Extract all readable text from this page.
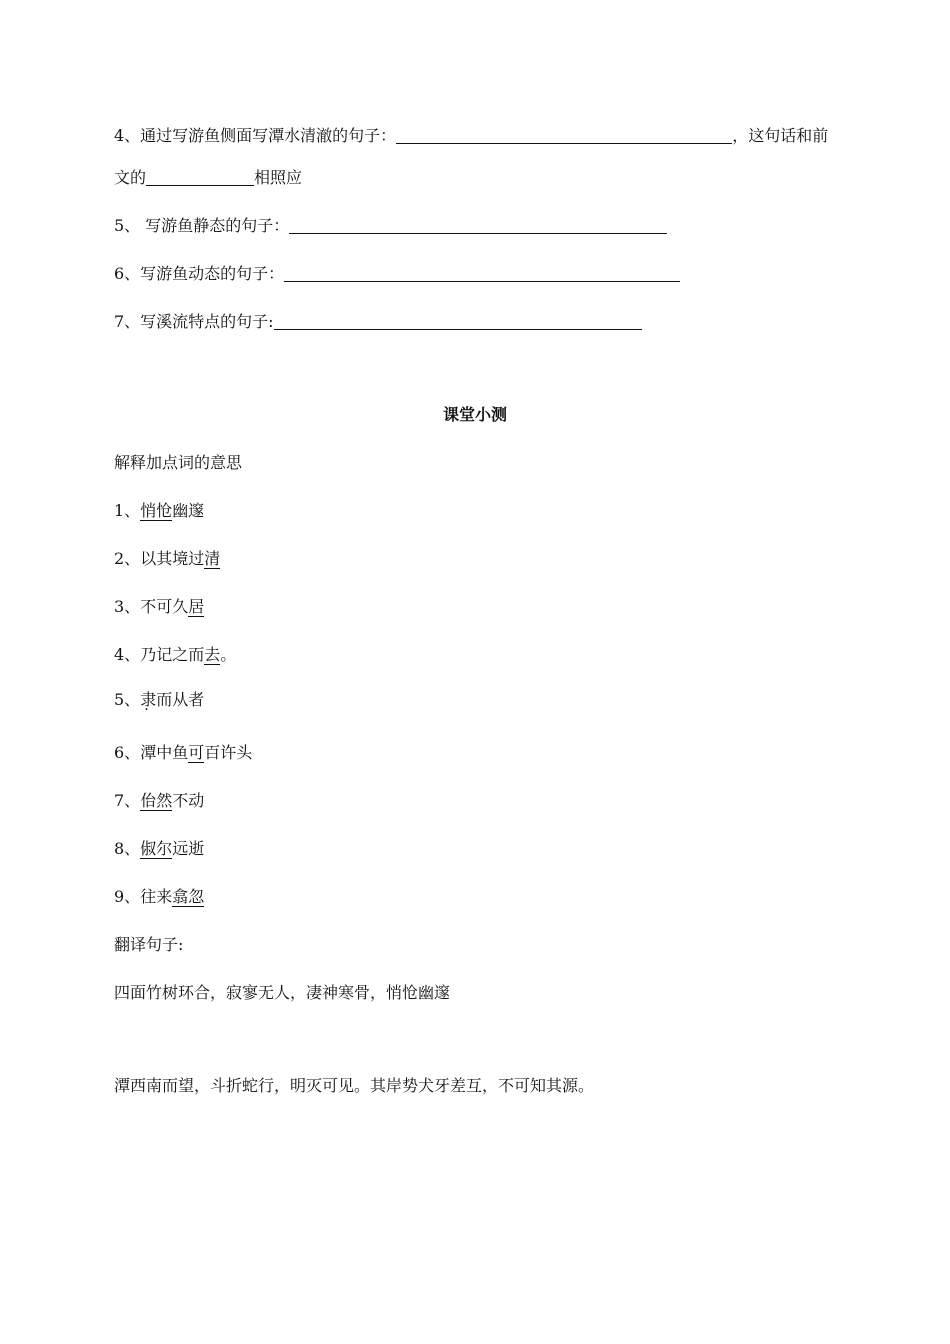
4、通过写游鱼侧面写潭水清澈的句子：	，这句话和前
文的	相照应
5、 写游鱼静态的句子：
6、写游鱼动态的句子：
7、写溪流特点的句子:
课堂小测
解释加点词的意思
1、悄怆幽邃
2、以其境过清
3、不可久居
4、乃记之而去。
5、隶而从者
6、潭中鱼可百许头
7、佁然不动
8、俶尔远逝
9、往来翕忽
翻译句子:
四面竹树环合，寂寥无人，凄神寒骨，悄怆幽邃
潭西南而望，斗折蛇行，明灭可见。其岸势犬牙差互，不可知其源。
